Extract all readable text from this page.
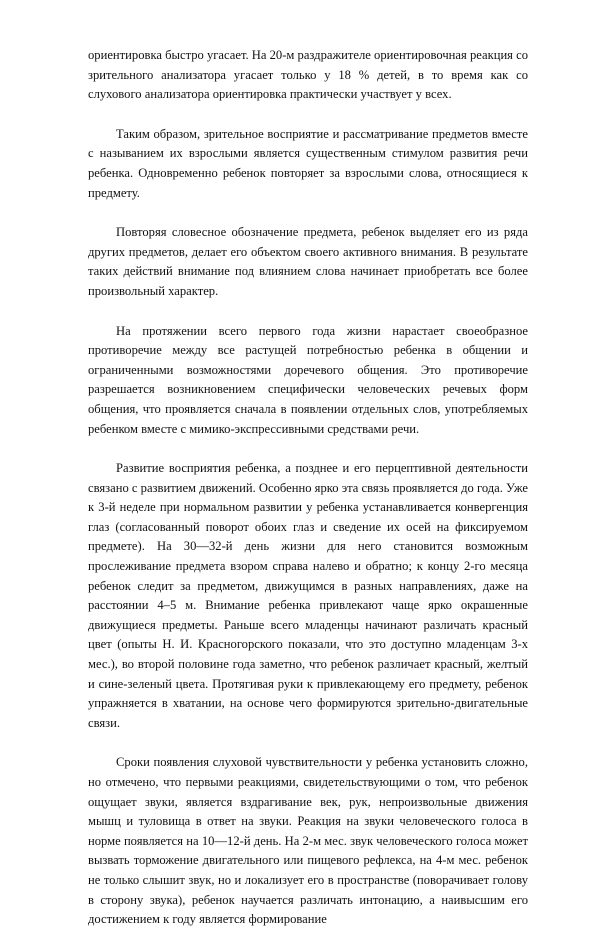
ориентировка быстро угасает. На 20-м раздражителе ориентировочная реакция со зрительного анализатора угасает только у 18 % детей, в то время как со слухового анализатора ориентировка практически участвует у всех.

Таким образом, зрительное восприятие и рассматривание предметов вместе с называнием их взрослыми является существенным стимулом развития речи ребенка. Одновременно ребенок повторяет за взрослыми слова, относящиеся к предмету.

Повторяя словесное обозначение предмета, ребенок выделяет его из ряда других предметов, делает его объектом своего активного внимания. В результате таких действий внимание под влиянием слова начинает приобретать все более произвольный характер.

На протяжении всего первого года жизни нарастает своеобразное противоречие между все растущей потребностью ребенка в общении и ограниченными возможностями доречевого общения. Это противоречие разрешается возникновением специфически человеческих речевых форм общения, что проявляется сначала в появлении отдельных слов, употребляемых ребенком вместе с мимико-экспрессивными средствами речи.

Развитие восприятия ребенка, а позднее и его перцептивной деятельности связано с развитием движений. Особенно ярко эта связь проявляется до года. Уже к 3-й неделе при нормальном развитии у ребенка устанавливается конвергенция глаз (согласованный поворот обоих глаз и сведение их осей на фиксируемом предмете). На 30—32-й день жизни для него становится возможным прослеживание предмета взором справа налево и обратно; к концу 2-го месяца ребенок следит за предметом, движущимся в разных направлениях, даже на расстоянии 4–5 м. Вниманиe ребенка привлекают чаще ярко окрашенные движущиеся предметы. Раньше всего младенцы начинают различать красный цвет (опыты Н. И. Красногорского показали, что это доступно младенцам 3-х мес.), во второй половине года заметно, что ребенок различает красный, желтый и сине-зеленый цвета. Протягивая руки к привлекающему его предмету, ребенок упражняется в хватании, на основе чего формируются зрительно-двигательные связи.

Сроки появления слуховой чувствительности у ребенка установить сложно, но отмечено, что первыми реакциями, свидетельствующими о том, что ребенок ощущает звуки, является вздрагивание век, рук, непроизвольные движения мышц и туловища в ответ на звуки. Реакция на звуки человеческого голоса в норме появляется на 10—12-й день. На 2-м мес. звук человеческого голоса может вызвать торможение двигательного или пищевого рефлекса, на 4-м мес. ребенок не только слышит звук, но и локализует его в пространстве (поворачивает голову в сторону звука), ребенок научается различать интонацию, а наивысшим его достижением к году является формирование
